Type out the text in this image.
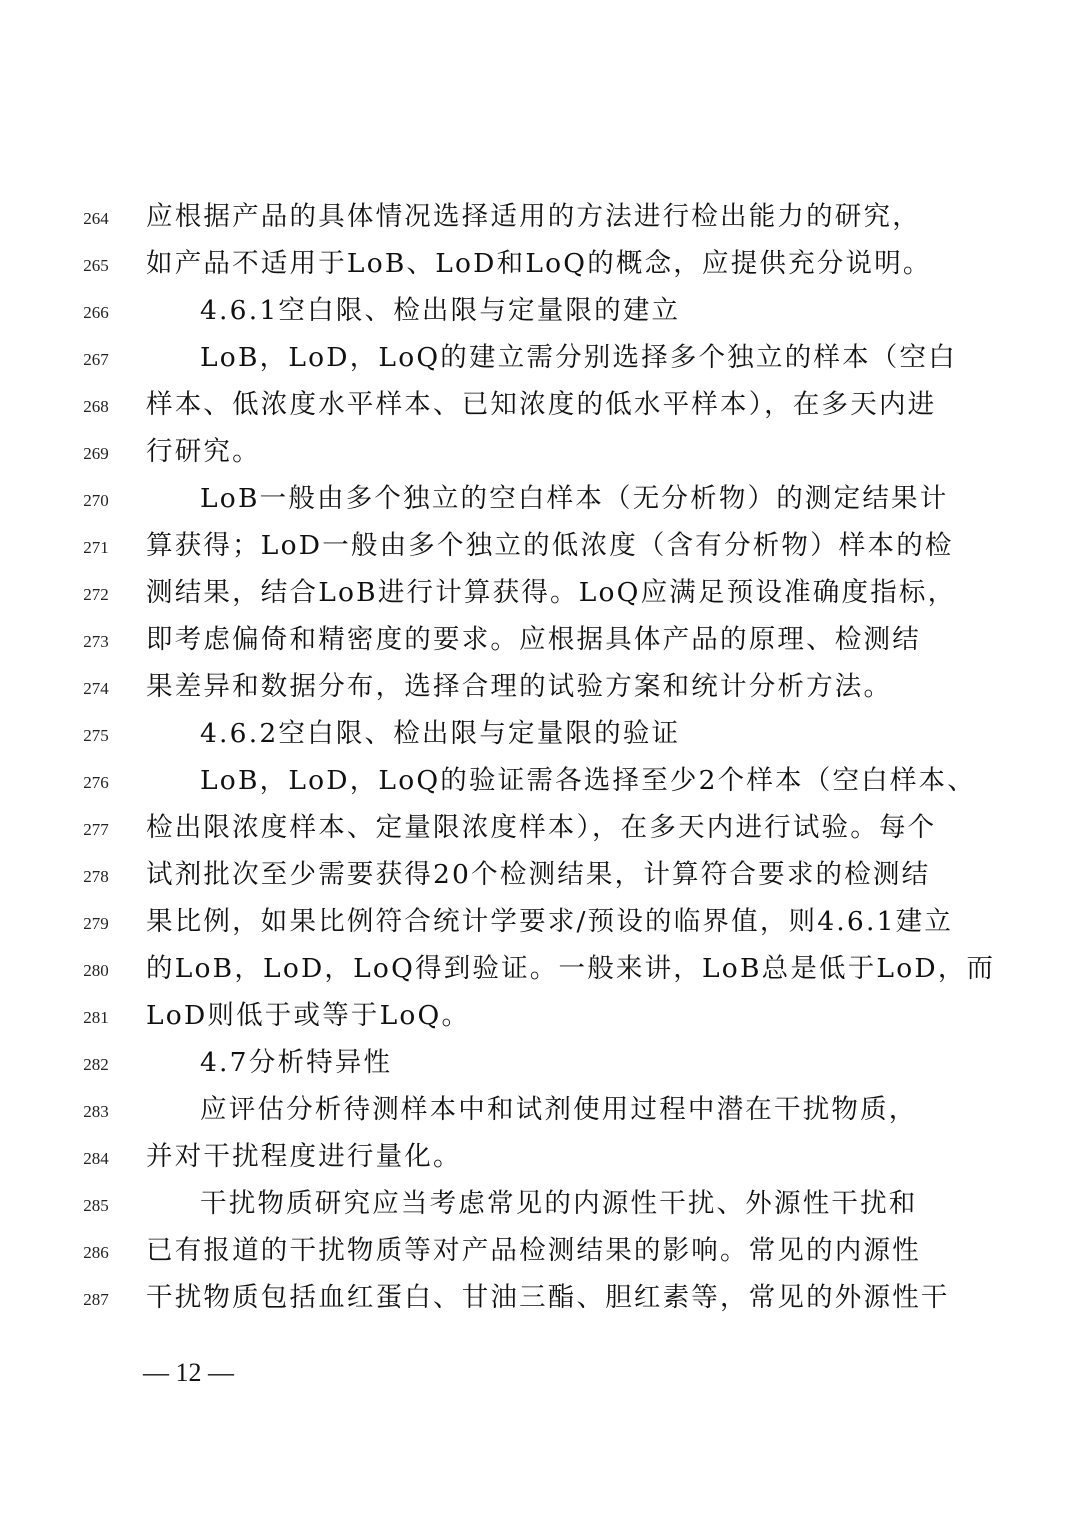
264	应根据产品的具体情况选择适用的方法进行检出能力的研究，
265	如产品不适用于LoB、LoD和LoQ的概念，应提供充分说明。
266	4.6.1空白限、检出限与定量限的建立
267	LoB，LoD，LoQ的建立需分别选择多个独立的样本（空白
268	样本、低浓度水平样本、已知浓度的低水平样本），在多天内进
269	行研究。
270	LoB一般由多个独立的空白样本（无分析物）的测定结果计
271	算获得；LoD一般由多个独立的低浓度（含有分析物）样本的检
272	测结果，结合LoB进行计算获得。LoQ应满足预设准确度指标，
273	即考虑偏倚和精密度的要求。应根据具体产品的原理、检测结
274	果差异和数据分布，选择合理的试验方案和统计分析方法。
275	4.6.2空白限、检出限与定量限的验证
276	LoB，LoD，LoQ的验证需各选择至少2个样本（空白样本、
277	检出限浓度样本、定量限浓度样本），在多天内进行试验。每个
278	试剂批次至少需要获得20个检测结果，计算符合要求的检测结
279	果比例，如果比例符合统计学要求/预设的临界值，则4.6.1建立
280	的LoB，LoD，LoQ得到验证。一般来讲，LoB总是低于LoD，而
281	LoD则低于或等于LoQ。
282	4.7分析特异性
283	应评估分析待测样本中和试剂使用过程中潜在干扰物质，
284	并对干扰程度进行量化。
285	干扰物质研究应当考虑常见的内源性干扰、外源性干扰和
286	已有报道的干扰物质等对产品检测结果的影响。常见的内源性
287	干扰物质包括血红蛋白、甘油三酯、胆红素等，常见的外源性干
— 12 —
